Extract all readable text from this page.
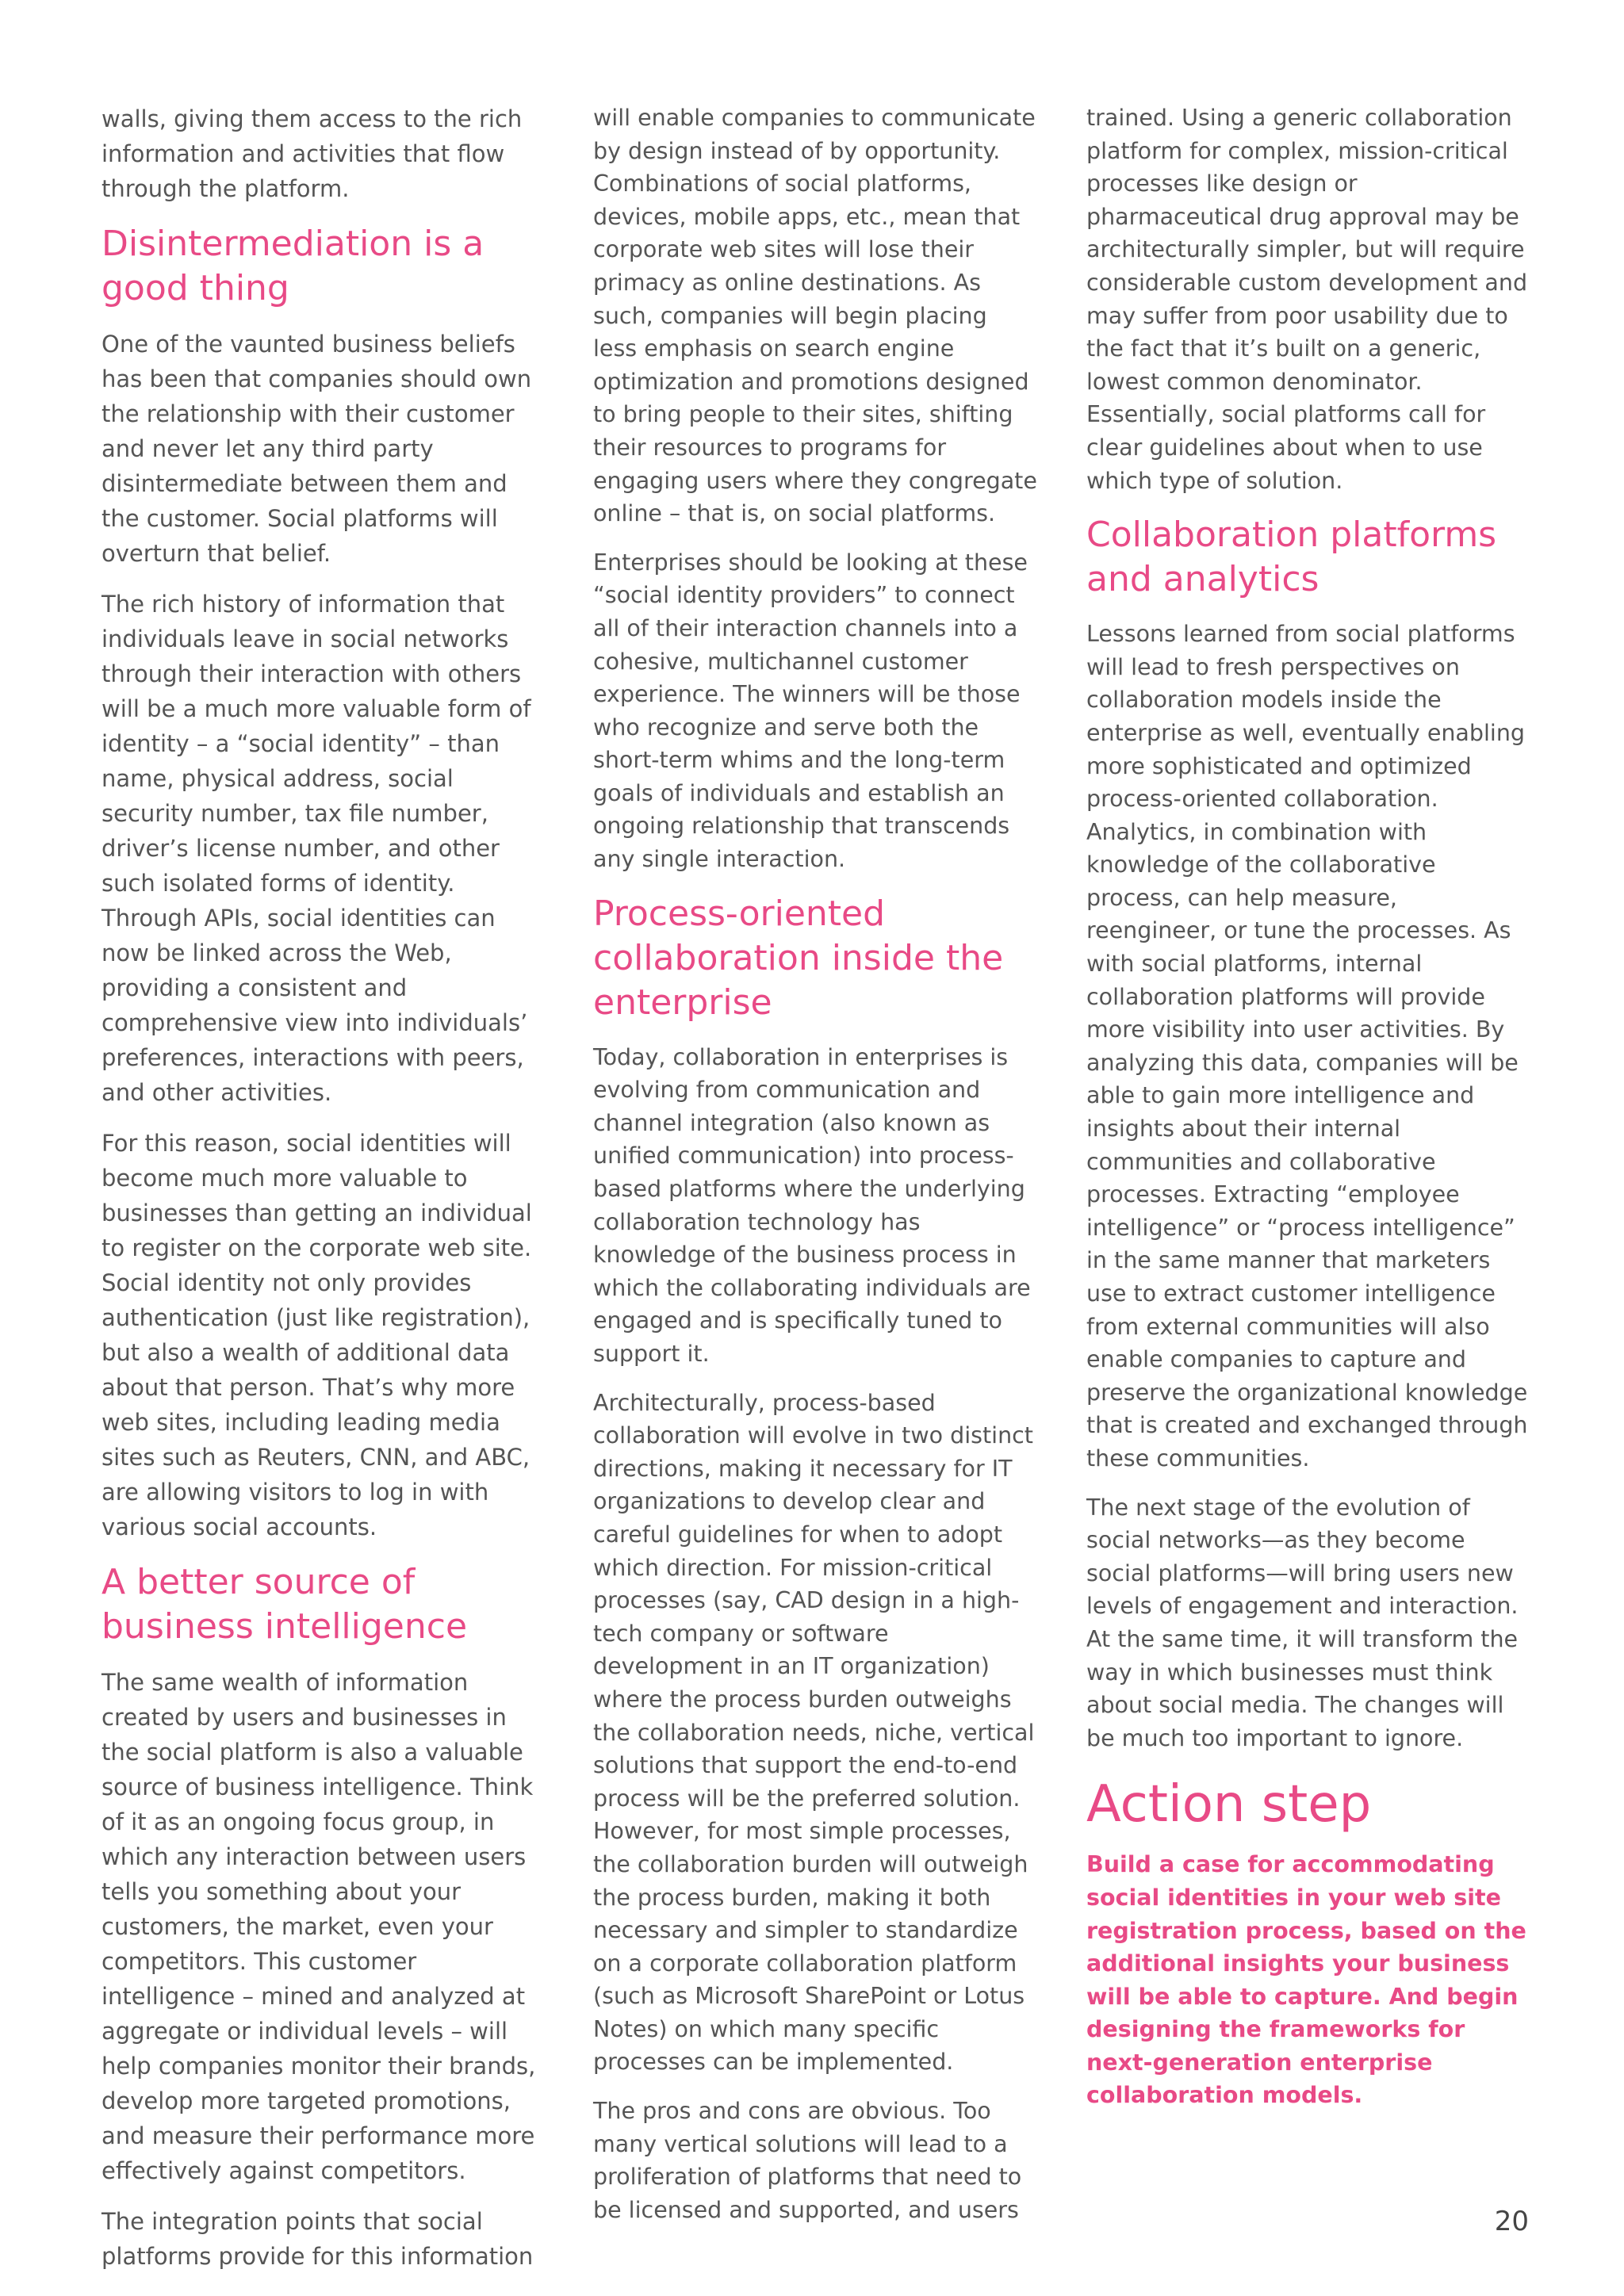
walls, giving them access to the rich information and activities that flow through the platform.

Disintermediation is a good thing

One of the vaunted business beliefs has been that companies should own the relationship with their customer and never let any third party disintermediate between them and the customer. Social platforms will overturn that belief.

The rich history of information that individuals leave in social networks through their interaction with others will be a much more valuable form of identity – a “social identity” – than name, physical address, social security number, tax file number, driver’s license number, and other such isolated forms of identity. Through APIs, social identities can now be linked across the Web, providing a consistent and comprehensive view into individuals’ preferences, interactions with peers, and other activities.

For this reason, social identities will become much more valuable to businesses than getting an individual to register on the corporate web site. Social identity not only provides authentication (just like registration), but also a wealth of additional data about that person. That’s why more web sites, including leading media sites such as Reuters, CNN, and ABC, are allowing visitors to log in with various social accounts.

A better source of business intelligence

The same wealth of information created by users and businesses in the social platform is also a valuable source of business intelligence. Think of it as an ongoing focus group, in which any interaction between users tells you something about your customers, the market, even your competitors. This customer intelligence – mined and analyzed at aggregate or individual levels – will help companies monitor their brands, develop more targeted promotions, and measure their performance more effectively against competitors.

The integration points that social platforms provide for this information

will enable companies to communicate by design instead of by opportunity. Combinations of social platforms, devices, mobile apps, etc., mean that corporate web sites will lose their primacy as online destinations. As such, companies will begin placing less emphasis on search engine optimization and promotions designed to bring people to their sites, shifting their resources to programs for engaging users where they congregate online – that is, on social platforms.

Enterprises should be looking at these “social identity providers” to connect all of their interaction channels into a cohesive, multichannel customer experience. The winners will be those who recognize and serve both the short-term whims and the long-term goals of individuals and establish an ongoing relationship that transcends any single interaction.

Process-oriented collaboration inside the enterprise

Today, collaboration in enterprises is evolving from communication and channel integration (also known as unified communication) into process-based platforms where the underlying collaboration technology has knowledge of the business process in which the collaborating individuals are engaged and is specifically tuned to support it.

Architecturally, process-based collaboration will evolve in two distinct directions, making it necessary for IT organizations to develop clear and careful guidelines for when to adopt which direction. For mission-critical processes (say, CAD design in a high-tech company or software development in an IT organization) where the process burden outweighs the collaboration needs, niche, vertical solutions that support the end-to-end process will be the preferred solution. However, for most simple processes, the collaboration burden will outweigh the process burden, making it both necessary and simpler to standardize on a corporate collaboration platform (such as Microsoft SharePoint or Lotus Notes) on which many specific processes can be implemented.

The pros and cons are obvious. Too many vertical solutions will lead to a proliferation of platforms that need to be licensed and supported, and users

trained. Using a generic collaboration platform for complex, mission-critical processes like design or pharmaceutical drug approval may be architecturally simpler, but will require considerable custom development and may suffer from poor usability due to the fact that it’s built on a generic, lowest common denominator. Essentially, social platforms call for clear guidelines about when to use which type of solution.

Collaboration platforms and analytics

Lessons learned from social platforms will lead to fresh perspectives on collaboration models inside the enterprise as well, eventually enabling more sophisticated and optimized process-oriented collaboration. Analytics, in combination with knowledge of the collaborative process, can help measure, reengineer, or tune the processes. As with social platforms, internal collaboration platforms will provide more visibility into user activities. By analyzing this data, companies will be able to gain more intelligence and insights about their internal communities and collaborative processes. Extracting “employee intelligence” or “process intelligence” in the same manner that marketers use to extract customer intelligence from external communities will also enable companies to capture and preserve the organizational knowledge that is created and exchanged through these communities.

The next stage of the evolution of social networks—as they become social platforms—will bring users new levels of engagement and interaction. At the same time, it will transform the way in which businesses must think about social media. The changes will be much too important to ignore.

Action step

Build a case for accommodating social identities in your web site registration process, based on the additional insights your business will be able to capture. And begin designing the frameworks for next-generation enterprise collaboration models.

20
